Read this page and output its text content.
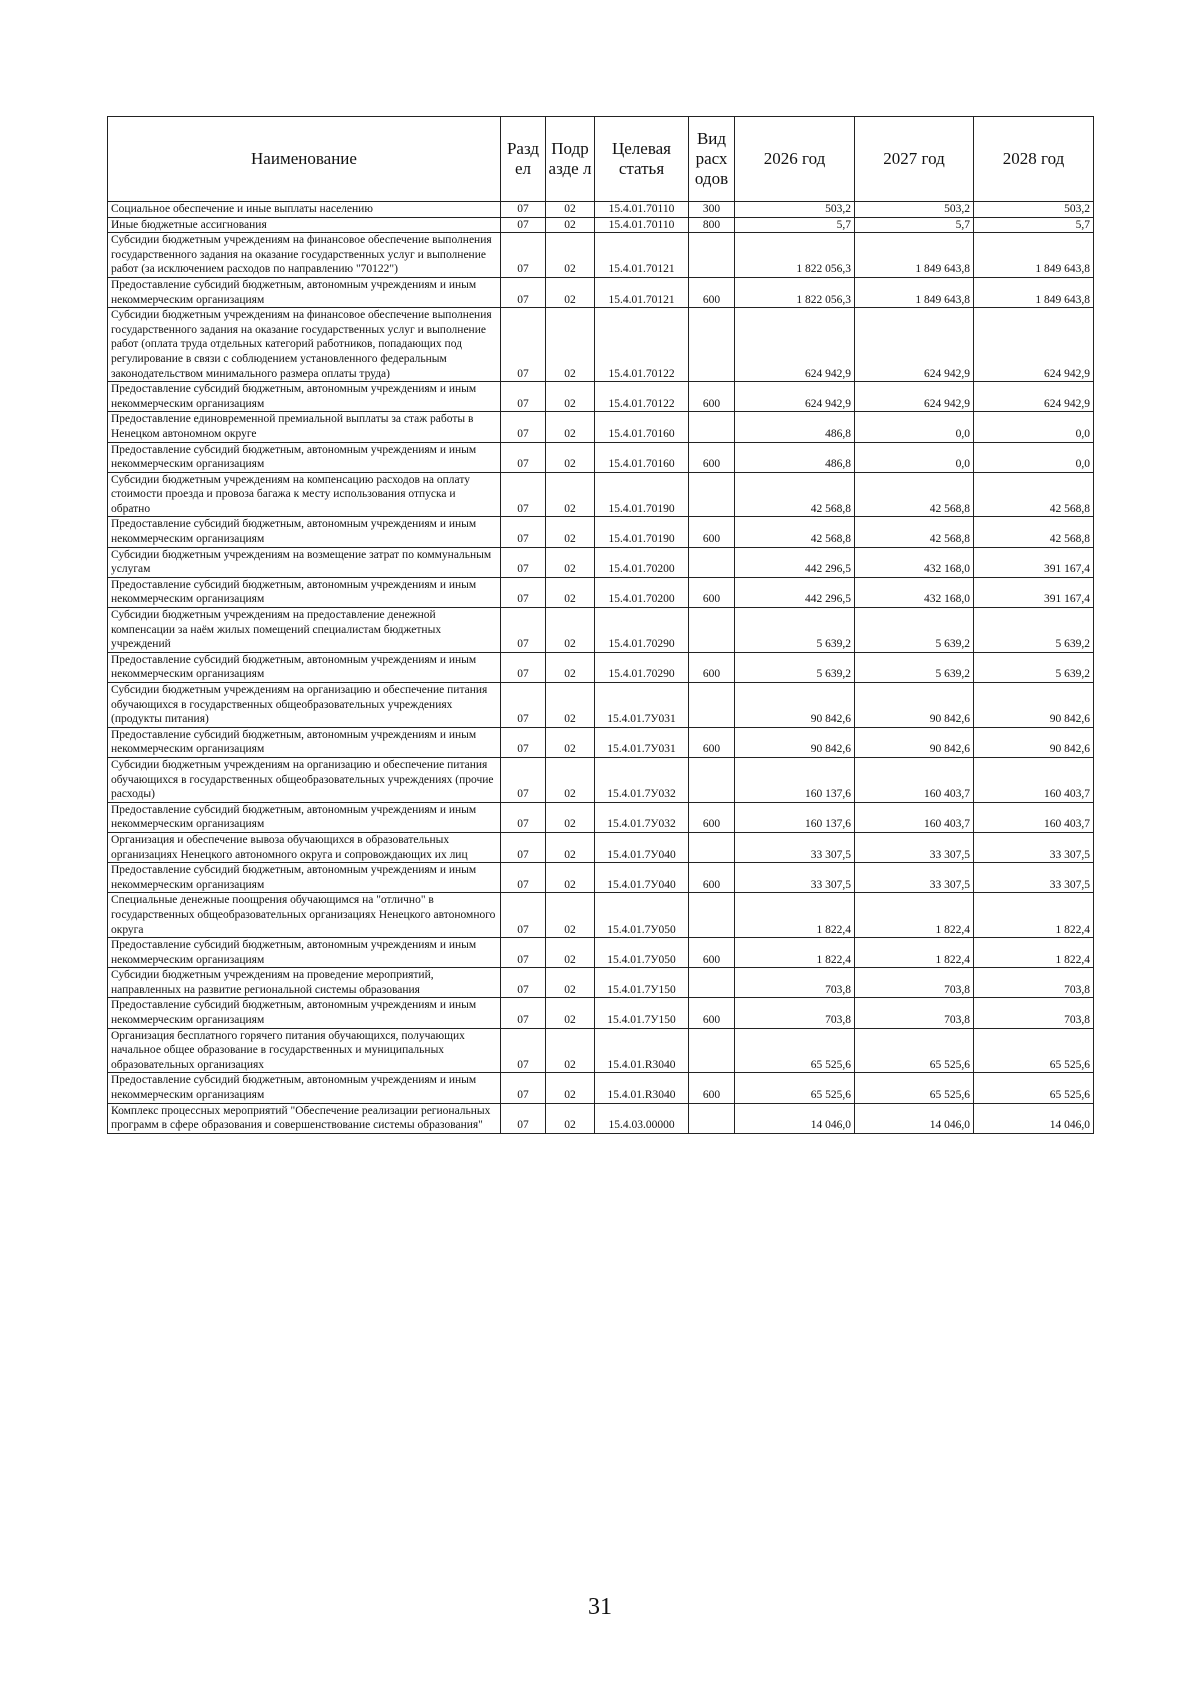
Наименование	Разд ел	Подр азде л	Целевая статья	Вид расх одов	2026 год	2027 год	2028 год
Социальное обеспечение и иные выплаты населению	07	02	15.4.01.70110	300	503,2	503,2	503,2
Иные бюджетные ассигнования	07	02	15.4.01.70110	800	5,7	5,7	5,7
Субсидии бюджетным учреждениям на финансовое обеспечение выполнения государственного задания на оказание государственных услуг и выполнение работ (за исключением расходов по направлению "70122")	07	02	15.4.01.70121		1 822 056,3	1 849 643,8	1 849 643,8
Предоставление субсидий бюджетным, автономным учреждениям и иным некоммерческим организациям	07	02	15.4.01.70121	600	1 822 056,3	1 849 643,8	1 849 643,8
Субсидии бюджетным учреждениям на финансовое обеспечение выполнения государственного задания на оказание государственных услуг и выполнение работ (оплата труда отдельных категорий работников, попадающих под регулирование в связи с соблюдением установленного федеральным законодательством минимального размера оплаты труда)	07	02	15.4.01.70122		624 942,9	624 942,9	624 942,9
Предоставление субсидий бюджетным, автономным учреждениям и иным некоммерческим организациям	07	02	15.4.01.70122	600	624 942,9	624 942,9	624 942,9
Предоставление единовременной премиальной выплаты за стаж работы в Ненецком автономном округе	07	02	15.4.01.70160		486,8	0,0	0,0
Предоставление субсидий бюджетным, автономным учреждениям и иным некоммерческим организациям	07	02	15.4.01.70160	600	486,8	0,0	0,0
Субсидии бюджетным учреждениям на компенсацию расходов на оплату стоимости проезда и провоза багажа к месту использования отпуска и обратно	07	02	15.4.01.70190		42 568,8	42 568,8	42 568,8
Предоставление субсидий бюджетным, автономным учреждениям и иным некоммерческим организациям	07	02	15.4.01.70190	600	42 568,8	42 568,8	42 568,8
Субсидии бюджетным учреждениям на возмещение затрат по коммунальным услугам	07	02	15.4.01.70200		442 296,5	432 168,0	391 167,4
Предоставление субсидий бюджетным, автономным учреждениям и иным некоммерческим организациям	07	02	15.4.01.70200	600	442 296,5	432 168,0	391 167,4
Субсидии бюджетным учреждениям на предоставление денежной компенсации за наём жилых помещений специалистам бюджетных учреждений	07	02	15.4.01.70290		5 639,2	5 639,2	5 639,2
Предоставление субсидий бюджетным, автономным учреждениям и иным некоммерческим организациям	07	02	15.4.01.70290	600	5 639,2	5 639,2	5 639,2
Субсидии бюджетным учреждениям на организацию и обеспечение питания обучающихся в государственных общеобразовательных учреждениях (продукты питания)	07	02	15.4.01.7У031		90 842,6	90 842,6	90 842,6
Предоставление субсидий бюджетным, автономным учреждениям и иным некоммерческим организациям	07	02	15.4.01.7У031	600	90 842,6	90 842,6	90 842,6
Субсидии бюджетным учреждениям на организацию и обеспечение питания обучающихся в государственных общеобразовательных учреждениях (прочие расходы)	07	02	15.4.01.7У032		160 137,6	160 403,7	160 403,7
Предоставление субсидий бюджетным, автономным учреждениям и иным некоммерческим организациям	07	02	15.4.01.7У032	600	160 137,6	160 403,7	160 403,7
Организация и обеспечение вывоза обучающихся в образовательных организациях Ненецкого автономного округа и сопровождающих их лиц	07	02	15.4.01.7У040		33 307,5	33 307,5	33 307,5
Предоставление субсидий бюджетным, автономным учреждениям и иным некоммерческим организациям	07	02	15.4.01.7У040	600	33 307,5	33 307,5	33 307,5
Специальные денежные поощрения обучающимся на "отлично" в государственных общеобразовательных организациях Ненецкого автономного округа	07	02	15.4.01.7У050		1 822,4	1 822,4	1 822,4
Предоставление субсидий бюджетным, автономным учреждениям и иным некоммерческим организациям	07	02	15.4.01.7У050	600	1 822,4	1 822,4	1 822,4
Субсидии бюджетным учреждениям на проведение мероприятий, направленных на развитие региональной системы образования	07	02	15.4.01.7У150		703,8	703,8	703,8
Предоставление субсидий бюджетным, автономным учреждениям и иным некоммерческим организациям	07	02	15.4.01.7У150	600	703,8	703,8	703,8
Организация бесплатного горячего питания обучающихся, получающих начальное общее образование в государственных и муниципальных образовательных организациях	07	02	15.4.01.R3040		65 525,6	65 525,6	65 525,6
Предоставление субсидий бюджетным, автономным учреждениям и иным некоммерческим организациям	07	02	15.4.01.R3040	600	65 525,6	65 525,6	65 525,6
Комплекс процессных мероприятий "Обеспечение реализации региональных программ в сфере образования и совершенствование системы образования"	07	02	15.4.03.00000		14 046,0	14 046,0	14 046,0
31
